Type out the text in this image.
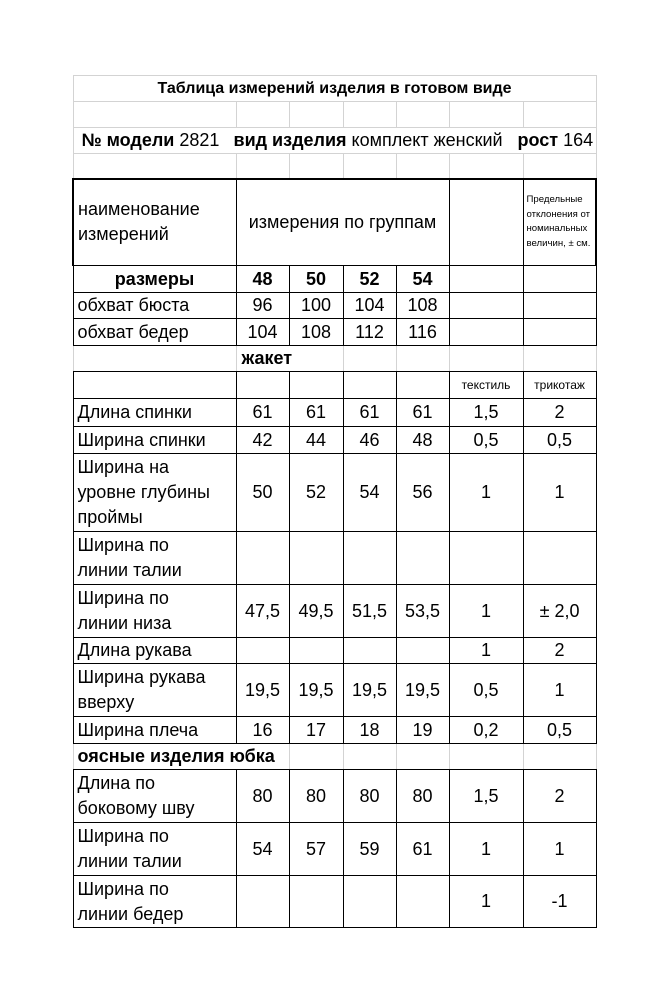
Таблица измерений изделия в готовом виде						

№ модели 2821 вид изделия комплект женский рост 164						

наименование измерений	измерения по группам					Предельные отклонения от номинальных величин, ± см.
размеры	48	50	52	54		
обхват бюста	96	100	104	108		
обхват бедер	104	108	112	116		
	жакет					
					текстиль	трикотаж
Длина спинки	61	61	61	61	1,5	2
Ширина спинки	42	44	46	48	0,5	0,5
Ширина на уровне глубины проймы	50	52	54	56	1	1
Ширина по линии талии						
Ширина по линии низа	47,5	49,5	51,5	53,5	1	± 2,0
Длина рукава					1	2
Ширина рукава вверху	19,5	19,5	19,5	19,5	0,5	1
Ширина плеча	16	17	18	19	0,2	0,5
оясные изделия юбка						
Длина по боковому шву	80	80	80	80	1,5	2
Ширина по линии талии	54	57	59	61	1	1
Ширина по линии бедер					1	-1
